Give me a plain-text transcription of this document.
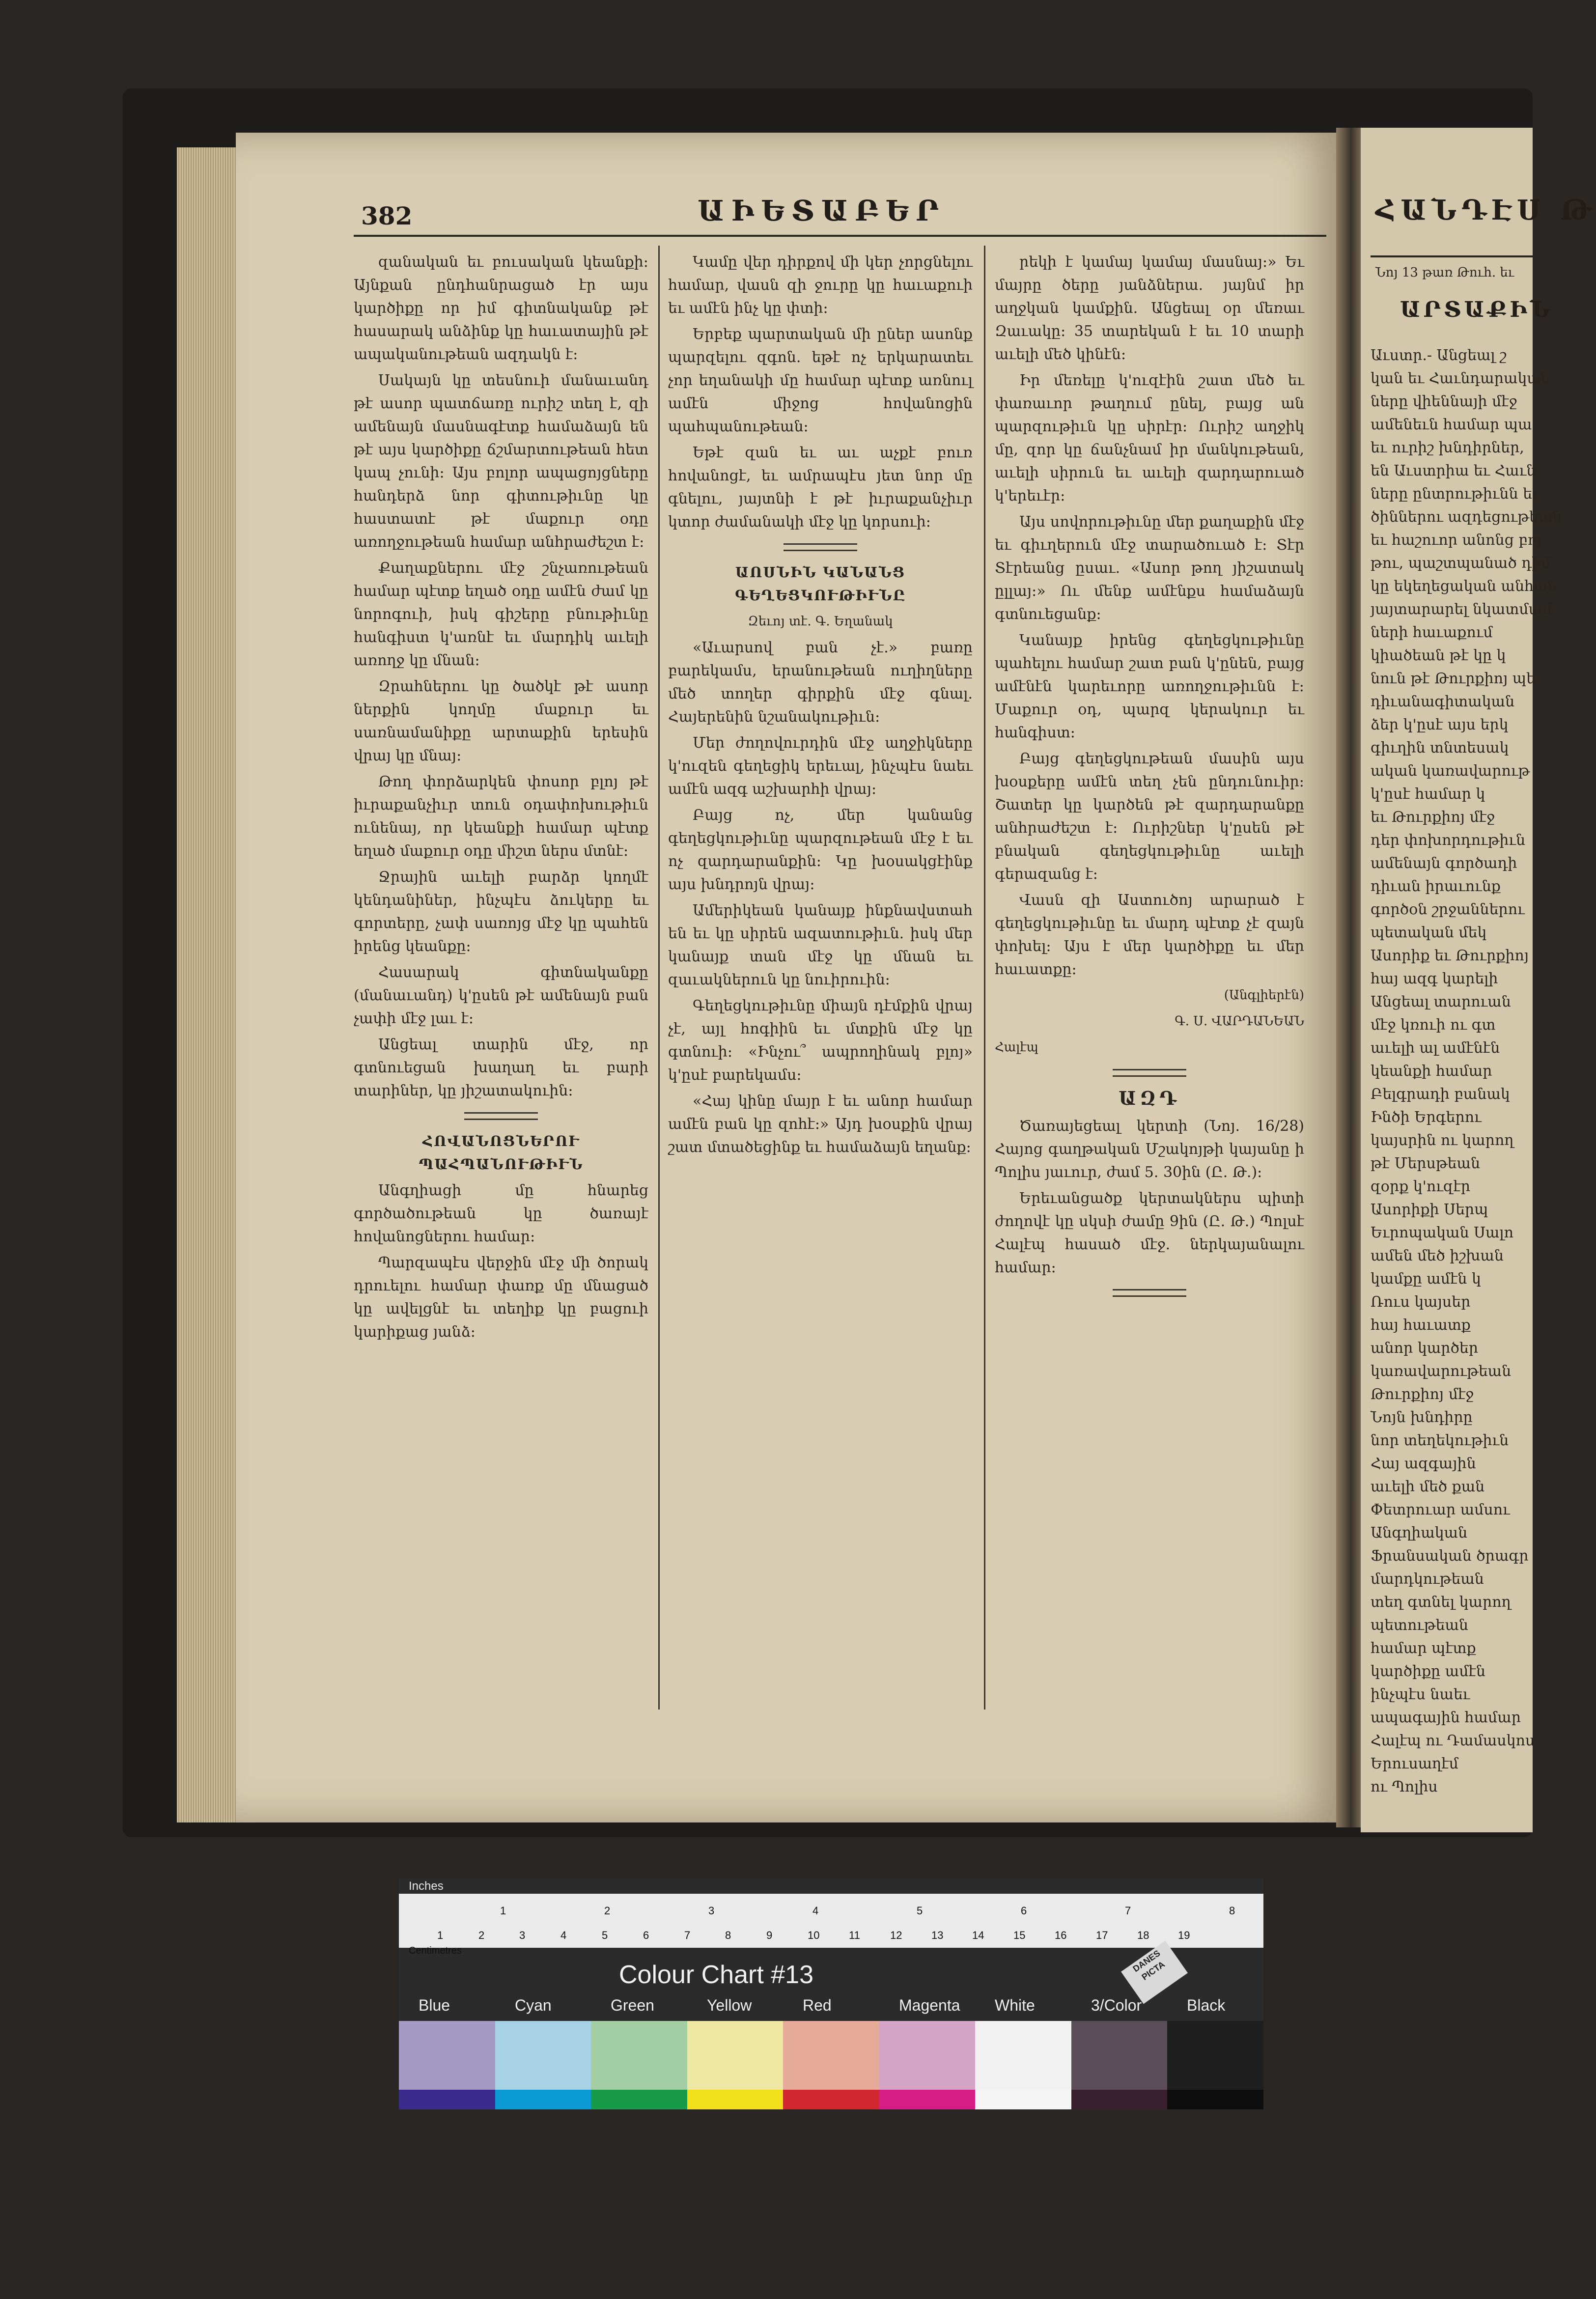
382	ԱԻԵՏԱԲԵՐ

զանական եւ բուսական կեանքի։ Այնքան ընդհանրացած էր այս կարծիքը որ իմ գիտնականք թէ հասարակ անձինք կը հաւատային թէ ապականութեան ազդակն է։

Սակայն կը տեսնուի մանաւանդ թէ ասոր պատճառը ուրիշ տեղ է, զի ամենայն մասնագէտք համաձայն են թէ այս կարծիքը ճշմարտութեան հետ կապ չունի։ Այս բոլոր ապացոյցները հանդերձ նոր գիտութիւնը կը հաստատէ թէ մաքուր օդը առողջութեան համար անհրաժեշտ է։

Քաղաքներու մէջ շնչառութեան համար պէտք եղած օդը ամէն ժամ կը նորոգուի, իսկ գիշերը բնութիւնը հանգիստ կ'առնէ եւ մարդիկ աւելի առողջ կը մնան։

Զրահներու կը ծածկէ թէ ասոր ներքին կողմը մաքուր եւ սառնամանիքը արտաքին երեսին վրայ կը մնայ։

Թող փորձարկեն փոսոր բլոյ թէ իւրաքանչիւր տուն օդափոխութիւն ունենայ, որ կեանքի համար պէտք եղած մաքուր օդը միշտ ներս մտնէ։

Ջրային աւելի բարձր կողմէ կենդանիներ, ինչպէս ձուկերը եւ գորտերը, չափ սառոյց մէջ կը պահեն իրենց կեանքը։

Հասարակ գիտնականքը (մանաւանդ) կ'ըսեն թէ ամենայն բան չափի մէջ լաւ է։

Անցեալ տարին մէջ, որ գտնուեցան խաղաղ եւ բարի տարիներ, կը յիշատակուին։

ՀՈՎԱՆՈՑՆԵՐՈՒ ՊԱՀՊԱՆՈՒԹԻՒՆ

Անգղիացի մը հնարեց գործածութեան կը ծառայէ հովանոցներու համար։

Պարզապէս վերջին մէջ մի ծորակ դրուելու համար փառք մը մնացած կը ավելցնէ եւ տեղիք կը բացուի կարիքաց յանձ։

Կամը վեր դիրքով մի կեր չորցնելու համար, վասն զի ջուրը կը հաւաքուի եւ ամէն ինչ կը փտի։

Երբեք պարտական մի ըներ ասոնք պարզելու զգոն. եթէ ոչ երկարատեւ չոր եղանակի մը համար պէտք առնուլ ամէն միջոց հովանոցին պահպանութեան։

Եթէ զան եւ աւ աչքէ բուռ հովանոցէ, եւ ամրապէս յետ նոր մը գնելու, յայտնի է թէ իւրաքանչիւր կտոր ժամանակի մէջ կը կորսուի։

ԱՈՍՆԻՆ ԿԱՆԱՆՑ ԳԵՂԵՑԿՈՒԹԻՒՆԸ

Զեւոյ տէ. Գ. Եղանակ

«Աւարսով բան չէ.» բառը բարեկամս, երանութեան ուղիղները մեծ տողեր գիրքին մէջ գնալ. Հայերենին նշանակութիւն։

Մեր ժողովուրդին մէջ աղջիկները կ'ուզեն գեղեցիկ երեւալ, ինչպէս նաեւ ամէն ազգ աշխարհի վրայ։

Բայց ոչ, մեր կանանց գեղեցկութիւնը պարզութեան մէջ է եւ ոչ զարդարանքին։ Կը խօսակցէինք այս խնդրոյն վրայ։

Ամերիկեան կանայք ինքնավստահ են եւ կը սիրեն ազատութիւն. իսկ մեր կանայք տան մէջ կը մնան եւ զաւակներուն կը նուիրուին։

Գեղեցկութիւնը միայն դէմքին վրայ չէ, այլ հոգիին եւ մտքին մէջ կը գտնուի։ «Ինչու՞ ապրողինակ բլոյ» կ'ըսէ բարեկամս։

«Հայ կինը մայր է եւ անոր համար ամէն բան կը զոհէ։» Այդ խօսքին վրայ շատ մտածեցինք եւ համաձայն եղանք։

րեկի է կամայ կամայ մասնայ։» Եւ մայրը ծերը յանձներա. յայնմ իր աղջկան կամքին. Անցեալ օր մեռաւ Զաւակը։ 35 տարեկան է եւ 10 տարի աւելի մեծ կինէն։

Իր մեռելը կ'ուզէին շատ մեծ եւ փառաւոր թաղում ընել, բայց ան պարզութիւն կը սիրէր։ Ուրիշ աղջիկ մը, զոր կը ճանչնամ իր մանկութեան, աւելի սիրուն եւ աւելի զարդարուած կ'երեւէր։

Այս սովորութիւնը մեր քաղաքին մէջ եւ գիւղերուն մէջ տարածուած է։ Տէր Տէրեանց ըսաւ. «Ասոր թող յիշատակ ըլլայ։» Ու մենք ամէնքս համաձայն գտնուեցանք։

Կանայք իրենց գեղեցկութիւնը պահելու համար շատ բան կ'ընեն, բայց ամէնէն կարեւորը առողջութիւնն է։ Մաքուր օդ, պարզ կերակուր եւ հանգիստ։

Բայց գեղեցկութեան մասին այս խօսքերը ամէն տեղ չեն ընդունուիր։ Շատեր կը կարծեն թէ զարդարանքը անհրաժեշտ է։ Ուրիշներ կ'ըսեն թէ բնական գեղեցկութիւնը աւելի գերազանց է։

Վասն զի Աստուծոյ արարած է գեղեցկութիւնը եւ մարդ պէտք չէ զայն փոխել։ Այս է մեր կարծիքը եւ մեր հաւատքը։

(Անգլիերէն)

Գ. Ս. ՎԱՐԴԱՆԵԱՆ

Հալէպ

ԱԶԴ

Ծառայեցեալ կերտի (Նոյ. 16/28) Հայոց գաղթական Մշակոյթի կայանը ի Պոլիս յաւուր, ժամ 5. 30ին (Ը. Թ.)։

Երեւանցածք կերտակներս պիտի ժողովէ կը սկսի ժամը 9ին (Ը. Թ.) Պոլսէ Հալէպ հասած մէջ. ներկայանալու համար։

ՀԱՆԴԷՍ Թ
Նոյ 13 թառ Թուհ. եւ
ԱՐՏԱՔԻՆ
Աւստր.- Անցեալ շ
կան եւ Հաւնդարական
ները վիեննայի մէջ
ամենեւն համար պա
եւ ուրիշ խնդիրներ,
են Աւստրիա եւ Հաւն
ները ընտրութիւնն եւ
ծիններու ազդեցութեան
եւ հաշուոր անոնց բոլ
թու, պաշտպանած դիմ
կը եկեղեցական անհան
յայտարարել նկատմամ
ների հաւաքում
կիածեան թէ կը կ
նուն թէ Թուրքիոյ պե
դիւանագիտական
ձեր կ'ըսէ այս երկ
գիւղին տնտեսակ
ական կառավարութ
կ'ըսէ համար կ
եւ Թուրքիոյ մէջ
դեր փոխորդութիւն
ամենայն գործադի
դիւան իրաւունք
գործօն շրջաններու
պետական մեկ
Ասորիք եւ Թուրքիոյ
հայ ազգ կարելի
Անցեալ տարուան
մէջ կռուի ու գտ
աւելի ալ ամէնէն
կեանքի համար
Բելգրադի բանակ
Ինծի Երգերու
կայսրին ու կարող
թէ Մերսթեան
զօրք կ'ուզէր
Ասորիքի Սերպ
Եւրոպական Սալո
ամեն մեծ իշխան
կամքը ամէն կ
Ռուս կայսեր
հայ հաւատք
անոր կարծեր
կառավարութեան
Թուրքիոյ մէջ
Նոյն խնդիրը
նոր տեղեկութիւն
Հայ ազգային
աւելի մեծ քան
Փետրուար ամսու
Անգղիական
Ֆրանսական ծրագր
մարդկութեան
տեղ գտնել կարող
պետութեան
համար պէտք
կարծիքը ամէն
ինչպէս նաեւ
ապագային համար
Հալէպ ու Դամասկոս
Երուսաղէմ
ու Պոլիս
Inches
1	2	3	4	5	6	7	8
1	2	3	4	5	6	7	8	9	10	11	12	13	14	15	16	17	18	19
Centimetres
Colour Chart #13	DANES PICTA
Blue	Cyan	Green	Yellow	Red	Magenta White	3/Color	Black
